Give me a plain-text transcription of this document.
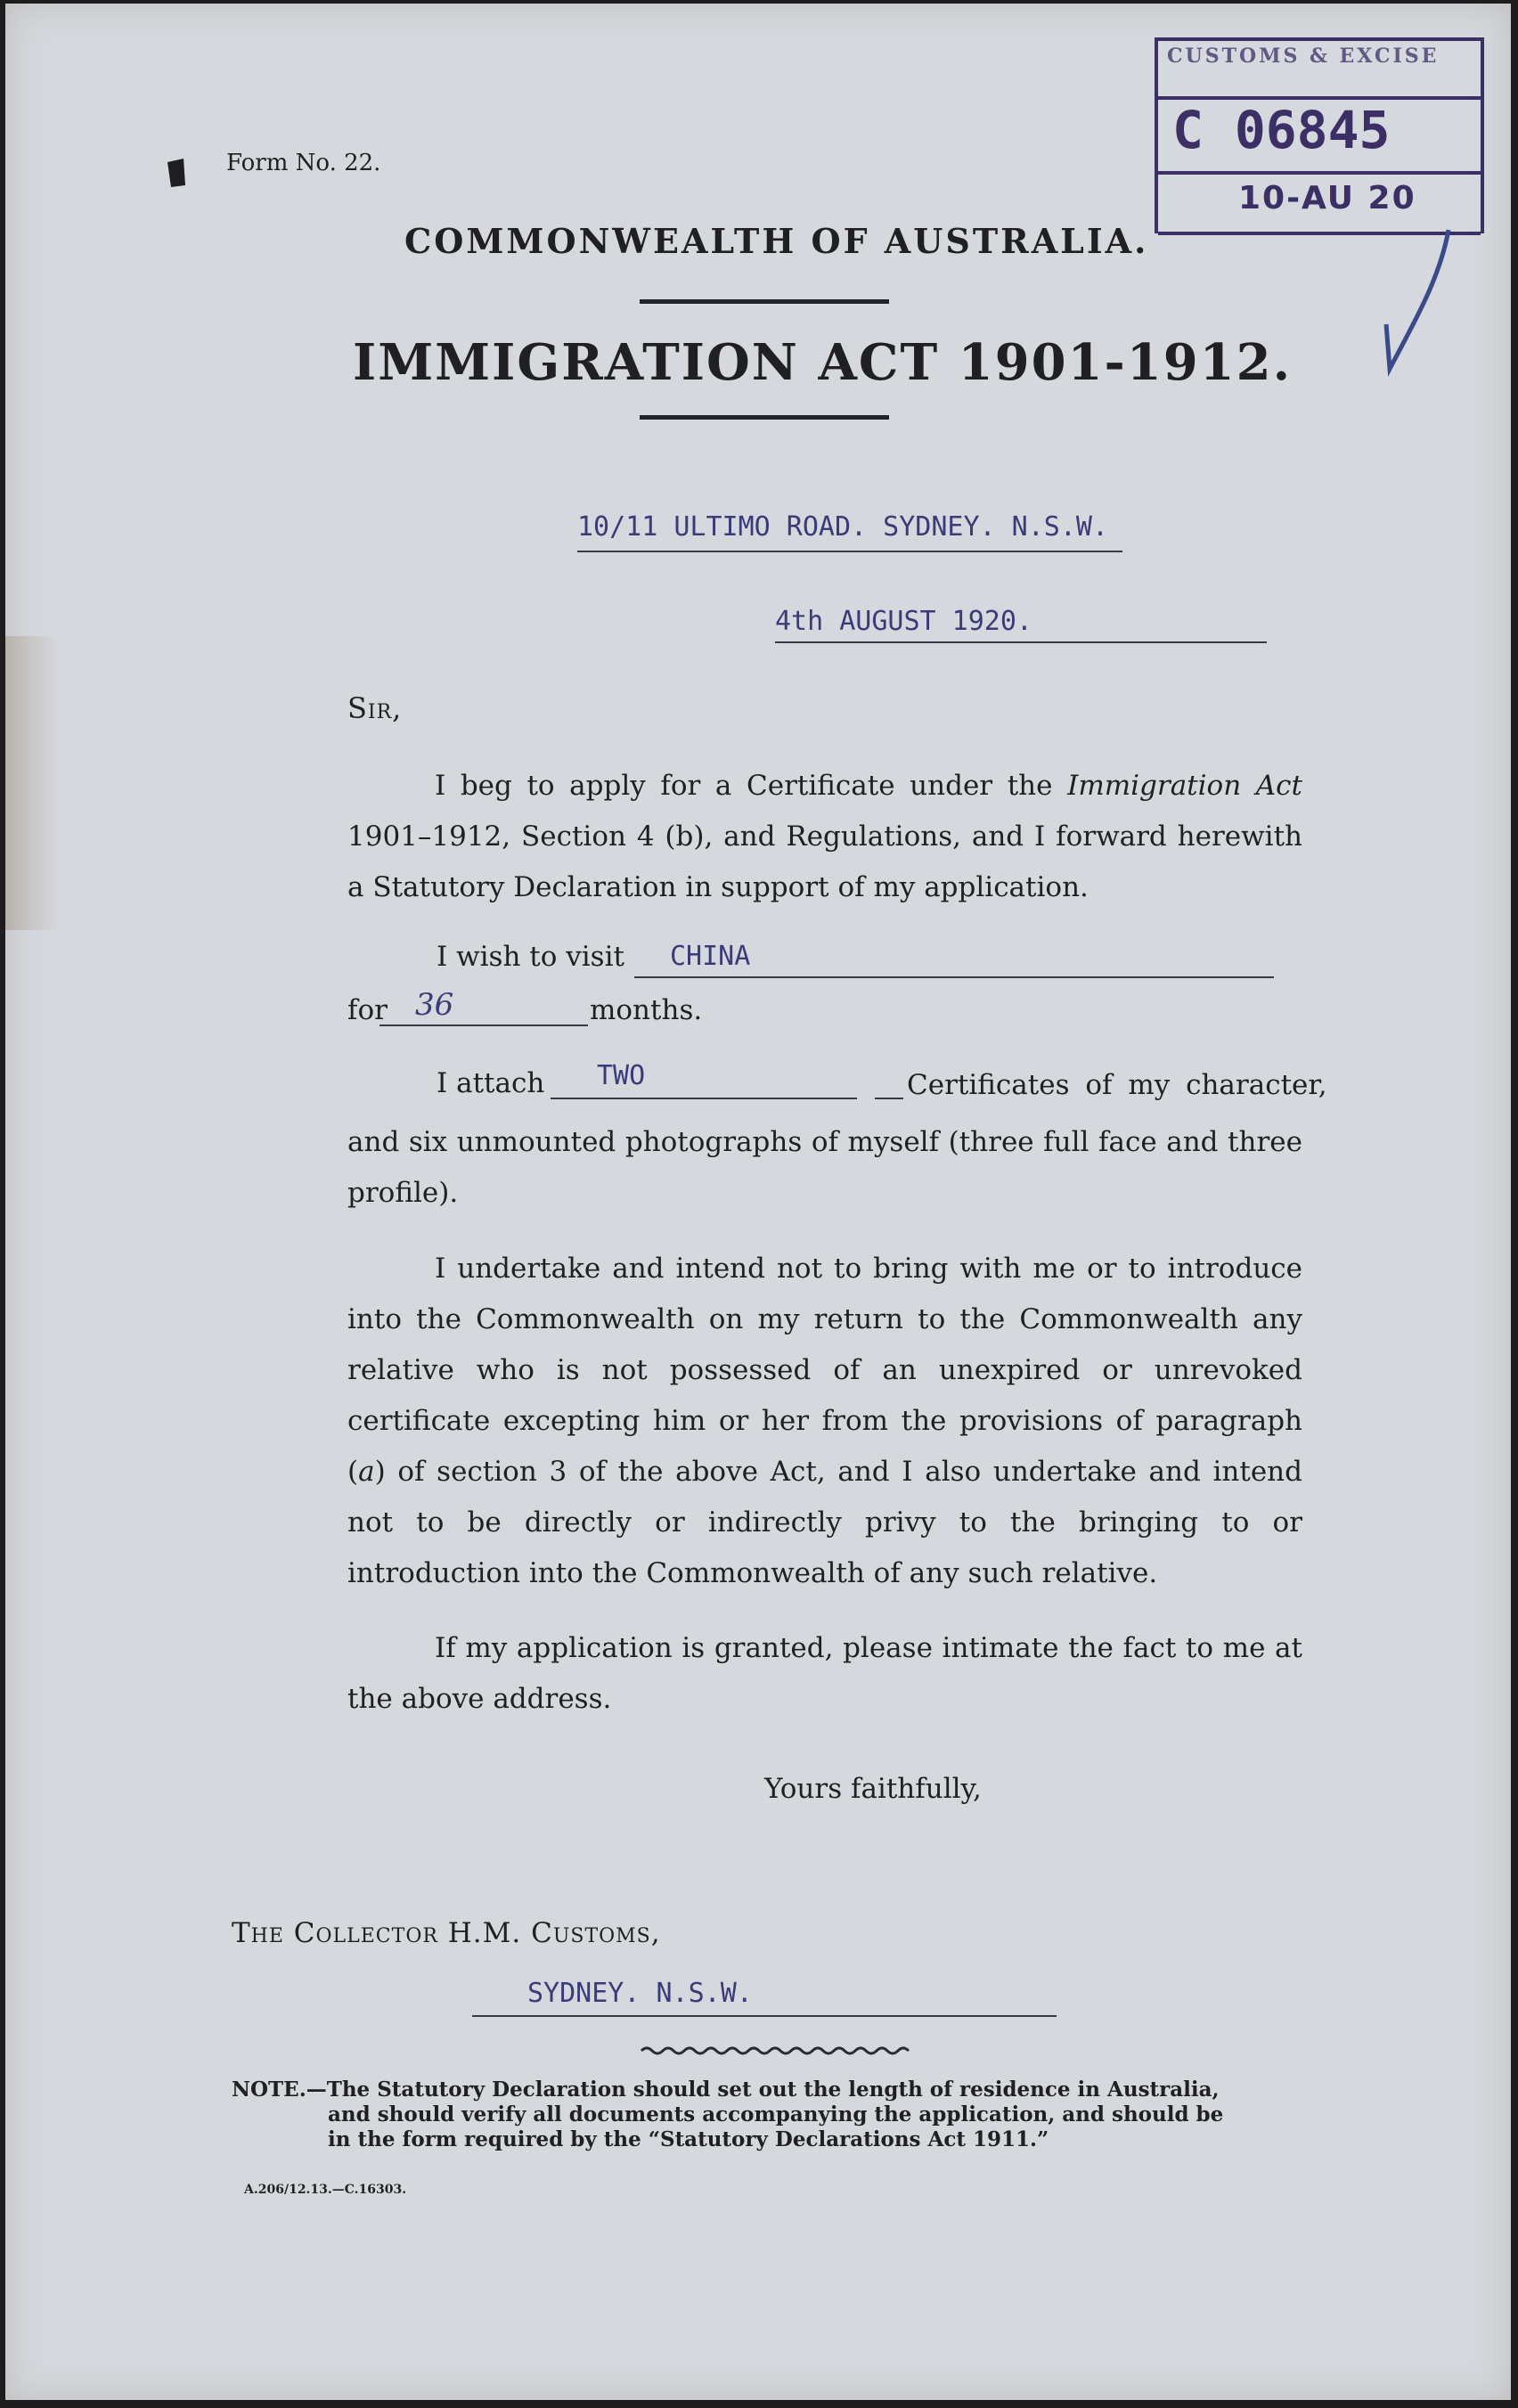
Form No. 22.
CUSTOMS & EXCISE
C 06845
10-AU 20
COMMONWEALTH OF AUSTRALIA.
IMMIGRATION ACT 1901-1912.
10/11 ULTIMO ROAD. SYDNEY. N.S.W.
4th AUGUST 1920.
Sir,
I beg to apply for a Certificate under the Immigration Act 1901–1912, Section 4 (b), and Regulations, and I forward herewith a Statutory Declaration in support of my application.
I wish to visit CHINA
for 36	months.
I attach TWO	Certificates of my character,
and six unmounted photographs of myself (three full face and three profile).
I undertake and intend not to bring with me or to introduce into the Commonwealth on my return to the Commonwealth any relative who is not possessed of an unexpired or unrevoked certificate excepting him or her from the provisions of paragraph (a) of section 3 of the above Act, and I also undertake and intend not to be directly or indirectly privy to the bringing to or introduction into the Commonwealth of any such relative.
If my application is granted, please intimate the fact to me at the above address.
Yours faithfully,
The Collector H.M. Customs,
SYDNEY. N.S.W.
NOTE.—The Statutory Declaration should set out the length of residence in Australia,
and should verify all documents accompanying the application, and should be
in the form required by the “Statutory Declarations Act 1911.”
A.206/12.13.—C.16303.
